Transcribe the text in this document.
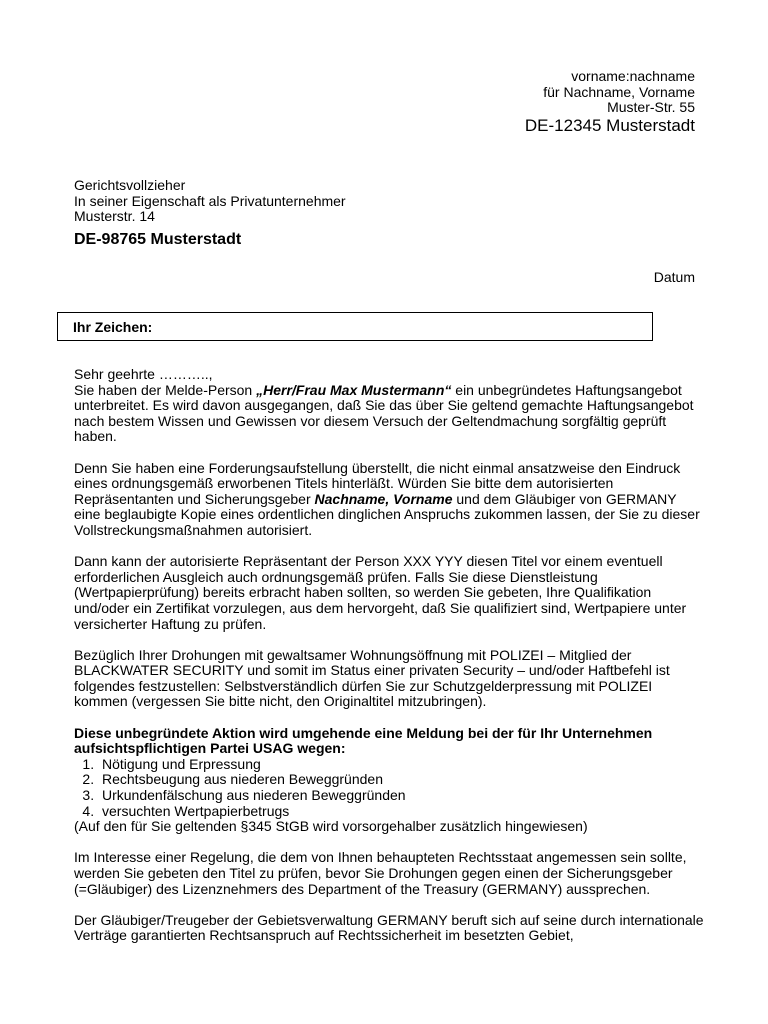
vorname:nachname
für Nachname, Vorname
Muster-Str. 55
DE-12345 Musterstadt
Gerichtsvollzieher
In seiner Eigenschaft als Privatunternehmer
Musterstr. 14
DE-98765 Musterstadt
Datum
Ihr Zeichen:
Sehr geehrte ………..,

Sie haben der Melde-Person „Herr/Frau Max Mustermann“ ein unbegründetes Haftungsangebot unterbreitet. Es wird davon ausgegangen, daß Sie das über Sie geltend gemachte Haftungsangebot nach bestem Wissen und Gewissen vor diesem Versuch der Geltendmachung sorgfältig geprüft haben.

Denn Sie haben eine Forderungsaufstellung überstellt, die nicht einmal ansatzweise den Eindruck eines ordnungsgemäß erworbenen Titels hinterläßt. Würden Sie bitte dem autorisierten Repräsentanten und Sicherungsgeber Nachname, Vorname und dem Gläubiger von GERMANY eine beglaubigte Kopie eines ordentlichen dinglichen Anspruchs zukommen lassen, der Sie zu dieser Vollstreckungsmaßnahmen autorisiert.

Dann kann der autorisierte Repräsentant der Person XXX YYY diesen Titel vor einem eventuell erforderlichen Ausgleich auch ordnungsgemäß prüfen. Falls Sie diese Dienstleistung (Wertpapierprüfung) bereits erbracht haben sollten, so werden Sie gebeten, Ihre Qualifikation und/oder ein Zertifikat vorzulegen, aus dem hervorgeht, daß Sie qualifiziert sind, Wertpapiere unter versicherter Haftung zu prüfen.

Bezüglich Ihrer Drohungen mit gewaltsamer Wohnungsöffnung mit POLIZEI – Mitglied der BLACKWATER SECURITY und somit im Status einer privaten Security – und/oder Haftbefehl ist folgendes festzustellen: Selbstverständlich dürfen Sie zur Schutzgelderpressung mit POLIZEI kommen (vergessen Sie bitte nicht, den Originaltitel mitzubringen).

Diese unbegründete Aktion wird umgehende eine Meldung bei der für Ihr Unternehmen aufsichtspflichtigen Partei USAG wegen:
1. Nötigung und Erpressung
2. Rechtsbeugung aus niederen Beweggründen
3. Urkundenfälschung aus niederen Beweggründen
4. versuchten Wertpapierbetrugs
(Auf den für Sie geltenden §345 StGB wird vorsorgehalber zusätzlich hingewiesen)

Im Interesse einer Regelung, die dem von Ihnen behaupteten Rechtsstaat angemessen sein sollte, werden Sie gebeten den Titel zu prüfen, bevor Sie Drohungen gegen einen der Sicherungsgeber (=Gläubiger) des Lizenznehmers des Department of the Treasury (GERMANY) aussprechen.

Der Gläubiger/Treugeber der Gebietsverwaltung GERMANY beruft sich auf seine durch internationale Verträge garantierten Rechtsanspruch auf Rechtssicherheit im besetzten Gebiet,
